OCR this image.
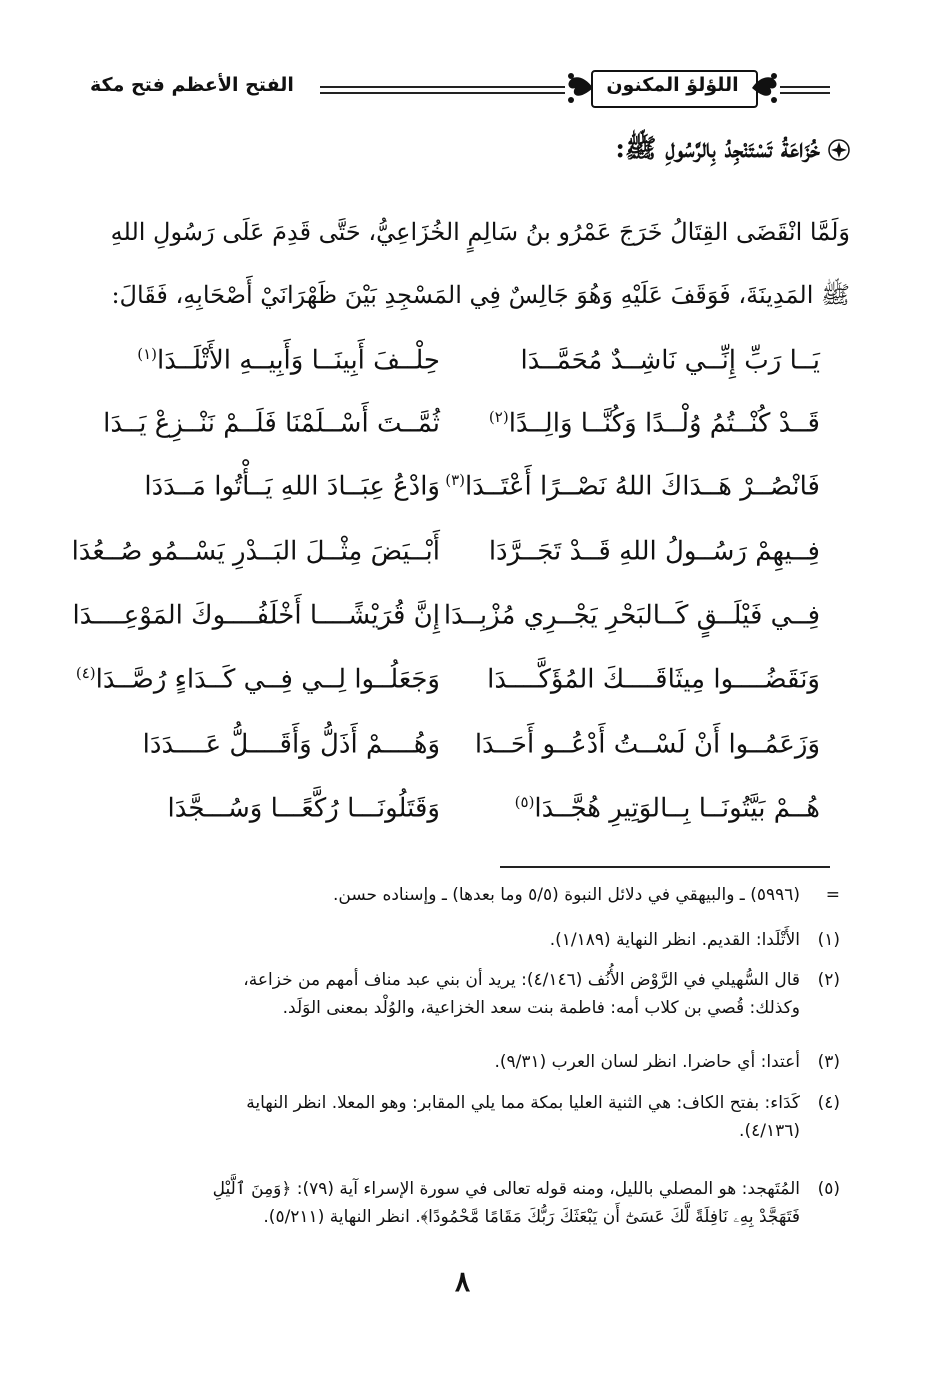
الفتح الأعظم فتح مكة	اللؤلؤ المكنون
خُزَاعَةُ تَسْتَنْجِدُ بِالرَّسُولِ ﷺ:
وَلَمَّا انْقَضَى القِتَالُ خَرَجَ عَمْرُو بنُ سَالِمٍ الخُزَاعِيُّ، حَتَّى قَدِمَ عَلَى رَسُولِ اللهِ
ﷺ المَدِينَةَ، فَوَقَفَ عَلَيْهِ وَهُوَ جَالِسٌ فِي المَسْجِدِ بَيْنَ ظَهْرَانَيْ أَصْحَابِهِ، فَقَالَ:
يَــا رَبِّ إِنِّــي نَاشِــدٌ مُحَمَّــدَا
حِلْــفَ أَبِينَــا وَأَبِيــهِ الأَتْلَــدَا$^{(١)}$
قَــدْ كُنْــتُمُ وُلْــدًا وَكُنَّــا وَالِــدًا$^{(٢)}$
ثُمَّــتَ أَسْــلَمْنَا فَلَــمْ نَنْــزِعْ يَــدَا
فَانْصُــرْ هَــدَاكَ اللهُ نَصْــرًا أَعْتَــدَا$^{(٣)}$
وَادْعُ عِبَــادَ اللهِ يَــأْتُوا مَــدَدَا
فِــيهِمْ رَسُــولُ اللهِ قَــدْ تَجَــرَّدَا
أَبْــيَضَ مِثْــلَ البَــدْرِ يَسْــمُو صُــعُدَا
فِــي فَيْلَــقٍ كَــالبَحْرِ يَجْــرِي مُزْبِــدَا
إِنَّ قُرَيْشًــــا أَخْلَفُــــوكَ المَوْعِــــدَا
وَنَقَضُــــوا مِيثَاقَــــكَ المُؤَكَّــــدَا
وَجَعَلُــوا لِــي فِــي كَــدَاءٍ رُصَّــدَا$^{(٤)}$
وَزَعَمُــوا أَنْ لَسْــتُ أَدْعُــو أَحَــدَا
وَهُــــمْ أَذَلُّ وَأَقَــــلُّ عَــــدَدَا
هُــمْ بَيَّتُونَــا بِــالوَتِيرِ هُجَّــدَا$^{(٥)}$
وَقَتَلُونَـــا رُكَّعًـــا وَسُـــجَّدَا
=(٥٩٩٦) ـ والبيهقي في دلائل النبوة (٥/٥ وما بعدها) ـ وإسناده حسن.
(١)الأَتْلَدا: القديم. انظر النهاية (١/١٨٩).
(٢)قال السُّهيلي في الرَّوْض الأُنُف (٤/١٤٦): يريد أن بني عبد مناف أمهم من خزاعة،
وكذلك: قُصي بن كلاب أمه: فاطمة بنت سعد الخزاعية، والوُلْد بمعنى الوَلَد.
(٣)أعتدا: أي حاضرا. انظر لسان العرب (٩/٣١).
(٤)كَدَاء: بفتح الكاف: هي الثنية العليا بمكة مما يلي المقابر: وهو المعلا. انظر النهاية
(٤/١٣٦).
(٥)المُتَهجد: هو المصلي بالليل، ومنه قوله تعالى في سورة الإسراء آية (٧٩): ﴿وَمِنَ ٱلَّيْلِ
فَتَهَجَّدْ بِهِۦ نَافِلَةً لَّكَ عَسَىٰٓ أَن يَبْعَثَكَ رَبُّكَ مَقَامًا مَّحْمُودًا﴾. انظر النهاية (٥/٢١١).
٨
